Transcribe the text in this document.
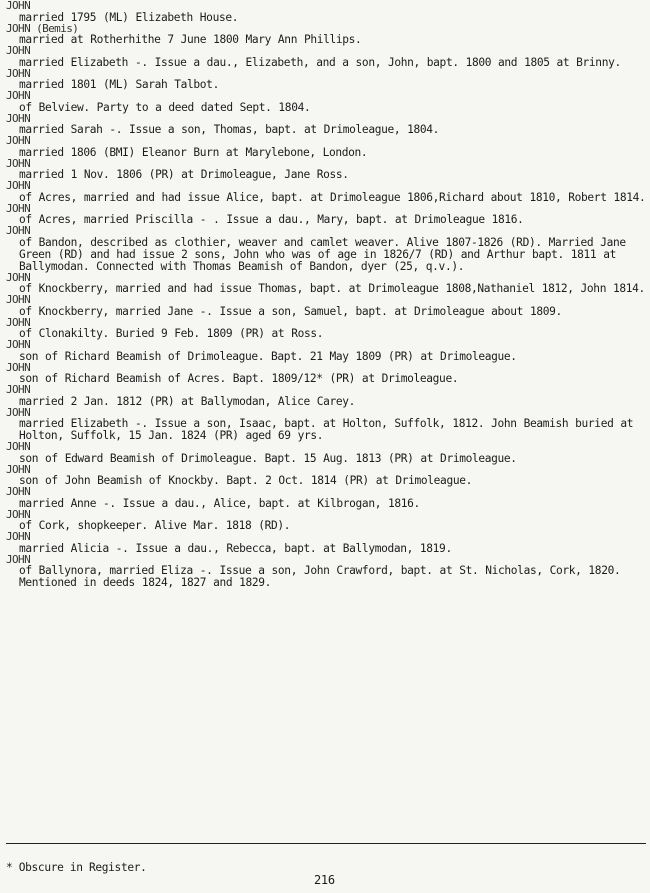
JOHN
married 1795 (ML) Elizabeth House.
JOHN (Bemis)
married at Rotherhithe 7 June 1800 Mary Ann Phillips.
JOHN
married Elizabeth -. Issue a dau., Elizabeth, and a son, John, bapt. 1800 and 1805 at Brinny.
JOHN
married 1801 (ML) Sarah Talbot.
JOHN
of Belview. Party to a deed dated Sept. 1804.
JOHN
married Sarah -. Issue a son, Thomas, bapt. at Drimoleague, 1804.
JOHN
married 1806 (BMI) Eleanor Burn at Marylebone, London.
JOHN
married 1 Nov. 1806 (PR) at Drimoleague, Jane Ross.
JOHN
of Acres, married and had issue Alice, bapt. at Drimoleague 1806,Richard about 1810, Robert 1814.
JOHN
of Acres, married Priscilla - . Issue a dau., Mary, bapt. at Drimoleague 1816.
JOHN
of Bandon, described as clothier, weaver and camlet weaver. Alive 1807-1826 (RD). Married Jane Green (RD) and had issue 2 sons, John who was of age in 1826/7 (RD) and Arthur bapt. 1811 at Ballymodan. Connected with Thomas Beamish of Bandon, dyer (25, q.v.).
JOHN
of Knockberry, married and had issue Thomas, bapt. at Drimoleague 1808,Nathaniel 1812, John 1814.
JOHN
of Knockberry, married Jane -. Issue a son, Samuel, bapt. at Drimoleague about 1809.
JOHN
of Clonakilty. Buried 9 Feb. 1809 (PR) at Ross.
JOHN
son of Richard Beamish of Drimoleague. Bapt. 21 May 1809 (PR) at Drimoleague.
JOHN
son of Richard Beamish of Acres. Bapt. 1809/12* (PR) at Drimoleague.
JOHN
married 2 Jan. 1812 (PR) at Ballymodan, Alice Carey.
JOHN
married Elizabeth -. Issue a son, Isaac, bapt. at Holton, Suffolk, 1812. John Beamish buried at Holton, Suffolk, 15 Jan. 1824 (PR) aged 69 yrs.
JOHN
son of Edward Beamish of Drimoleague. Bapt. 15 Aug. 1813 (PR) at Drimoleague.
JOHN
son of John Beamish of Knockby. Bapt. 2 Oct. 1814 (PR) at Drimoleague.
JOHN
married Anne -. Issue a dau., Alice, bapt. at Kilbrogan, 1816.
JOHN
of Cork, shopkeeper. Alive Mar. 1818 (RD).
JOHN
married Alicia -. Issue a dau., Rebecca, bapt. at Ballymodan, 1819.
JOHN
of Ballynora, married Eliza -. Issue a son, John Crawford, bapt. at St. Nicholas, Cork, 1820. Mentioned in deeds 1824, 1827 and 1829.
* Obscure in Register.
216
